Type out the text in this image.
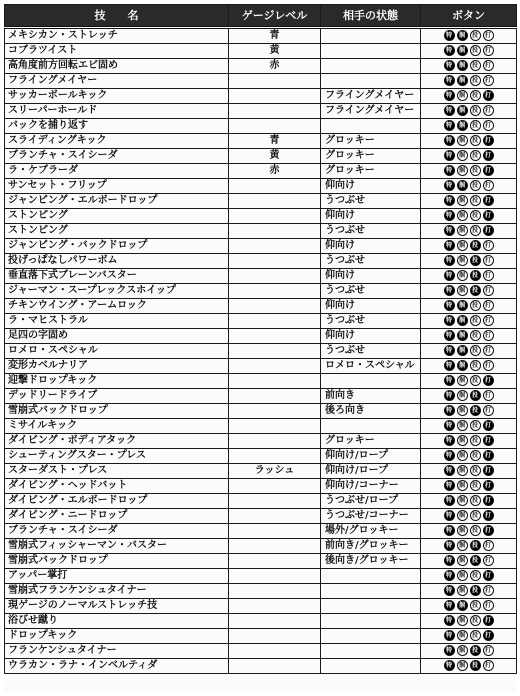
技　　名	ゲージレベル	相手の状態	ボタン
メキシカン・ストレッチ	青		特 掴 投 打
コブラツイスト	黄		特 掴 投 打
高角度前方回転エビ固め	赤		特 掴 投 打
フライングメイヤー			特 掴 投 打
サッカーボールキック		フライングメイヤー	特 掴 投 打
スリーパーホールド		フライングメイヤー	特 掴 投 打
バックを捕り返す			特 掴 投 打
スライディングキック	青	グロッキー	特 掴 投 打
ブランチャ・スイシーダ	黄	グロッキー	特 掴 投 打
ラ・ケブラーダ	赤	グロッキー	特 掴 投 打
サンセット・フリップ		仰向け	特 掴 投 打
ジャンピング・エルボードロップ		うつぶせ	特 掴 投 打
ストンピング		仰向け	特 掴 投 打
ストンピング		うつぶせ	特 掴 投 打
ジャンピング・バックドロップ		仰向け	特 掴 投 打
投げっぱなしパワーボム		うつぶせ	特 掴 投 打
垂直落下式ブレーンバスター		仰向け	特 掴 投 打
ジャーマン・スープレックスホイップ		うつぶせ	特 掴 投 打
チキンウイング・アームロック		仰向け	特 掴 投 打
ラ・マヒストラル		うつぶせ	特 掴 投 打
足四の字固め		仰向け	特 掴 投 打
ロメロ・スペシャル		うつぶせ	特 掴 投 打
変形カベルナリア		ロメロ・スペシャル	特 掴 投 打
迎撃ドロップキック			特 掴 投 打
デッドリードライブ		前向き	特 掴 投 打
雪崩式バックドロップ		後ろ向き	特 掴 投 打
ミサイルキック			特 掴 投 打
ダイビング・ボディアタック		グロッキー	特 掴 投 打
シューティングスター・プレス		仰向け/ロープ	特 掴 投 打
スターダスト・プレス	ラッシュ	仰向け/ロープ	特 掴 投 打
ダイビング・ヘッドバット		仰向け/コーナー	特 掴 投 打
ダイビング・エルボードロップ		うつぶせ/ロープ	特 掴 投 打
ダイビング・ニードロップ		うつぶせ/コーナー	特 掴 投 打
ブランチャ・スイシーダ		場外/グロッキー	特 掴 投 打
雪崩式フィッシャーマン・バスター		前向き/グロッキー	特 掴 投 打
雪崩式バックドロップ		後向き/グロッキー	特 掴 投 打
アッパー掌打			特 掴 投 打
雪崩式フランケンシュタイナー			特 掴 投 打
現ゲージのノーマルストレッチ技			特 掴 投 打
浴びせ蹴り			特 掴 投 打
ドロップキック			特 掴 投 打
フランケンシュタイナー			特 掴 投 打
ウラカン・ラナ・インベルティダ			特 掴 投 打
